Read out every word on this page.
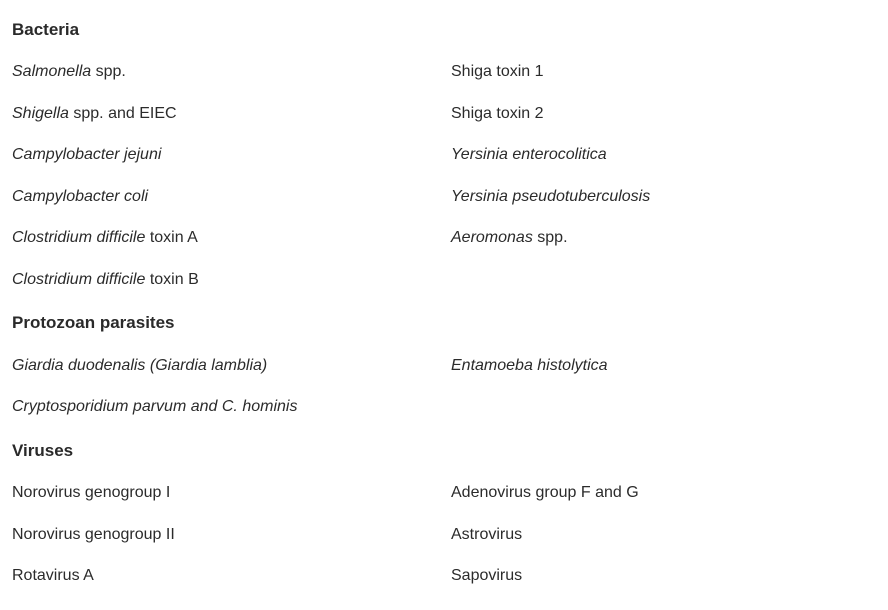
Bacteria
Salmonella spp.
Shigella spp. and EIEC
Campylobacter jejuni
Campylobacter coli
Clostridium difficile toxin A
Clostridium difficile toxin B
Shiga toxin 1
Shiga toxin 2
Yersinia enterocolitica
Yersinia pseudotuberculosis
Aeromonas spp.
Protozoan parasites
Giardia duodenalis (Giardia lamblia)
Cryptosporidium parvum and C. hominis
Entamoeba histolytica
Viruses
Norovirus genogroup I
Norovirus genogroup II
Rotavirus A
Adenovirus group F and G
Astrovirus
Sapovirus
